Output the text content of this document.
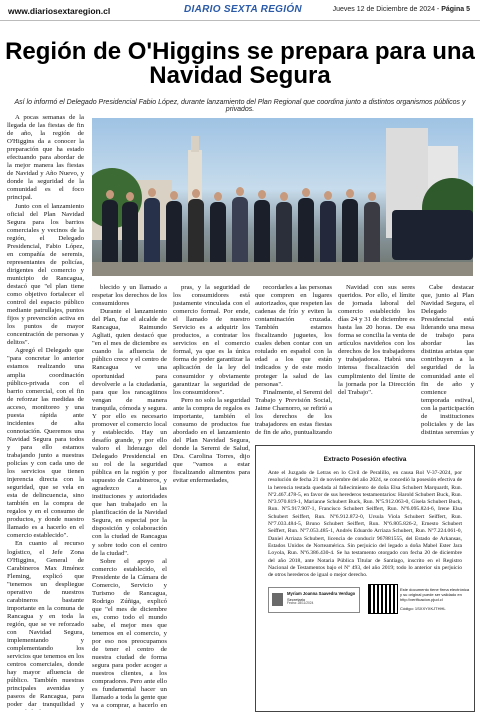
www.diariosextaregion.cl	DIARIO SEXTA REGIÓN	Jueves 12 de Diciembre de 2024 - Página 5
Región de O'Higgins se prepara para una Navidad Segura
Así lo informó el Delegado Presidencial Fabio López, durante lanzamiento del Plan Regional que coordina junto a distintos organismos públicos y privados.

A pocas semanas de la llegada de las fiestas de fin de año, la región de O'Higgins da a conocer la preparación que ha estado efectuando para abordar de la mejor manera las fiestas de Navidad y Año Nuevo, y donde la seguridad de la comunidad es el foco principal.

Junto con el lanzamiento oficial del Plan Navidad Segura para los barrios comerciales y vecinos de la región, el Delegado Presidencial, Fabio López, en compañía de seremis, representantes de policías, dirigentes del comercio y municipio de Rancagua, destacó que "el plan tiene como objetivo fortalecer el control del espacio público mediante patrullajes, puntos fijos y prevención activa en los puntos de mayor concentración de personas y delitos".

Agregó el Delegado que "para concretar lo anterior estamos realizando una amplia coordinación público-privada con el barrio comercial, con el fin de reforzar las medidas de acceso, monitoreo y una puesta rápida ante incidentes de alta connotación. Queremos una Navidad Segura para todos y para ello estamos trabajando junto a nuestras policías y con cada uno de los servicios que tienen injerencia directa con la seguridad, que se vela en esta de delincuencia, sino también en la compra de regalos y en el consumo de productos, y donde nuestro llamado es a hacerlo en el comercio establecido".

En cuanto al recurso logístico, el Jefe Zona O'Higgins, General de Carabineros Max Jiménez Fleming, explicó que "tenemos un despliegue operativo de nuestros carabineros bastante importante en la comuna de Rancagua y en toda la región, que se ve reforzado con Navidad Segura, implementando y complementando los servicios que tenemos en los centros comerciales, donde hay mayor afluencia de público. También nuestras principales avenidas y paseos de Rancagua, para poder dar tranquilidad y

blecido y un llamado a respetar los derechos de los consumidores

Durante el lanzamiento del Plan, fue el alcalde de Rancagua, Raimundo Agliati, quien destacó que "en el mes de diciembre es cuando la afluencia de público crece y el centro de Rancagua ve una oportunidad para devolverle a la ciudadanía, para que los rancagüinos vengan de manera tranquila, cómoda y segura. Y por ello es necesario promover el comercio local y establecido. Hay un desafío grande, y por ello valoro el liderazgo del Delegado Presidencial en su rol de la seguridad pública en la región y por supuesto de Carabineros, y agradezco a las instituciones y autoridades que han trabajado en la planificación de la Navidad Segura, en especial por la disposición y colaboración con la ciudad de Rancagua y sobre todo con el centro de la ciudad".

Sobre el apoyo al comercio establecido, el Presidente de la Cámara de Comercio, Servicio y Turismo de Rancagua, Rodrigo Zúñiga, explicó que "el mes de diciembre es, como todo el mundo sabe, el mejor mes que tenemos en el comercio, y por eso nos preocupamos de tener el centro de nuestra ciudad de forma segura para poder acoger a nuestros clientes, a los compradores. Pero ante ello es fundamental hacer un llamado a toda la gente que va a comprar, a hacerlo en

pras, y la seguridad de los consumidores está justamente vinculada con el comercio formal. Por ende, el llamado de nuestro Servicio es a adquirir los productos, a contratar los servicios en el comercio formal, ya que es la única forma de poder garantizar la aplicación de la ley del consumidor y obviamente garantizar la seguridad de los consumidores".

Pero no solo la seguridad ante la compra de regalos es importante, también el consumo de productos fue abordado en el lanzamiento del Plan Navidad Segura, donde la Seremi de Salud, Dra. Carolina Torres, dijo que "vamos a estar fiscalizando alimentos para evitar enfermedades,

recordarles a las personas que compren en lugares autorizados, que respeten las cadenas de frío y eviten la contaminación cruzada. También estamos fiscalizando juguetes, los cuales deben contar con un rotulado en español con la edad a los que están indicados y de este modo proteger la salud de las personas".

Finalmente, el Seremi del Trabajo y Previsión Social, Jaime Charnorro, se refirió a los derechos de los trabajadores en estas fiestas de fin de año, puntualizando

Navidad con sus seres queridos. Por ello, el límite de jornada laboral del comercio establecido los días 24 y 31 de diciembre es hasta las 20 horas. De esa forma se concilia la venta de artículos navideños con los derechos de los trabajadores y trabajadoras. Habrá una intensa fiscalización del cumplimiento del límite de la jornada por la Dirección del Trabajo".

Cabe destacar que, junto al Plan Navidad Segura, el Delegado Presidencial está liderando una mesa de trabajo para abordar las distintas aristas que contribuyen a la seguridad de la comunidad ante el fin de año y comience temporada estival, con la participación de instituciones policiales y de las distintas seremías y

Extracto Posesión efectiva
Ante el Juzgado de Letras en lo Civil de Peralillo, en causa Rol V-37-2024, por resolución de fecha 21 de noviembre del año 2024, se concedió la posesión efectiva de la herencia testada quedada al fallecimiento de doña Elsa Schubert Marquardt, Run. Nº2.467.478-5, en favor de sus herederos testamentarios: Harold Schubert Buck, Run. Nº3.970.819-1, Marianne Schubert Buck, Run. Nº5.912.063-0, Gisela Schubert Buck, Run. Nº5.917.907-1, Francisco Schubert Seiffert, Run. Nº6.095.824-6, Irene Elsa Schubert Seiffert, Run. Nº6.912.872-0, Ursula Viola Schubert Seiffert, Run. Nº7.033.484-5, Bruno Schubert Seiffert, Run. Nº6.805.826-2, Ernesto Schubert Seiffert, Run. Nº7.053.485-1, Andrés Eduardo Arriaza Schubert, Run. Nº7.224.061-0, Daniel Arriaza Schubert, licencia de conducir 967881555, del Estado de Arkansas, Estados Unidos de Norteamérica. Sin perjuicio del legado a doña Mabel Ester Jara Loyola, Run. Nº6.386.430-4. Se ha testamento otorgado con fecha 20 de diciembre del año 2018, ante Notaria Pública Titular de Santiago, inscrito en el Registro Nacional de Testamentos bajo el Nº 493, del año 2019; todo lo anterior sin perjuicio de otros herederos de igual o mejor derecho.
Myriam Joanna Saavedra Verdugo
Secretario
Fecha: 28/11/2024
Este documento tiene firma electrónica y su original puede ser validado en http://verificacion.pjud.cl
Código: 1SXXYXKJTHHL
